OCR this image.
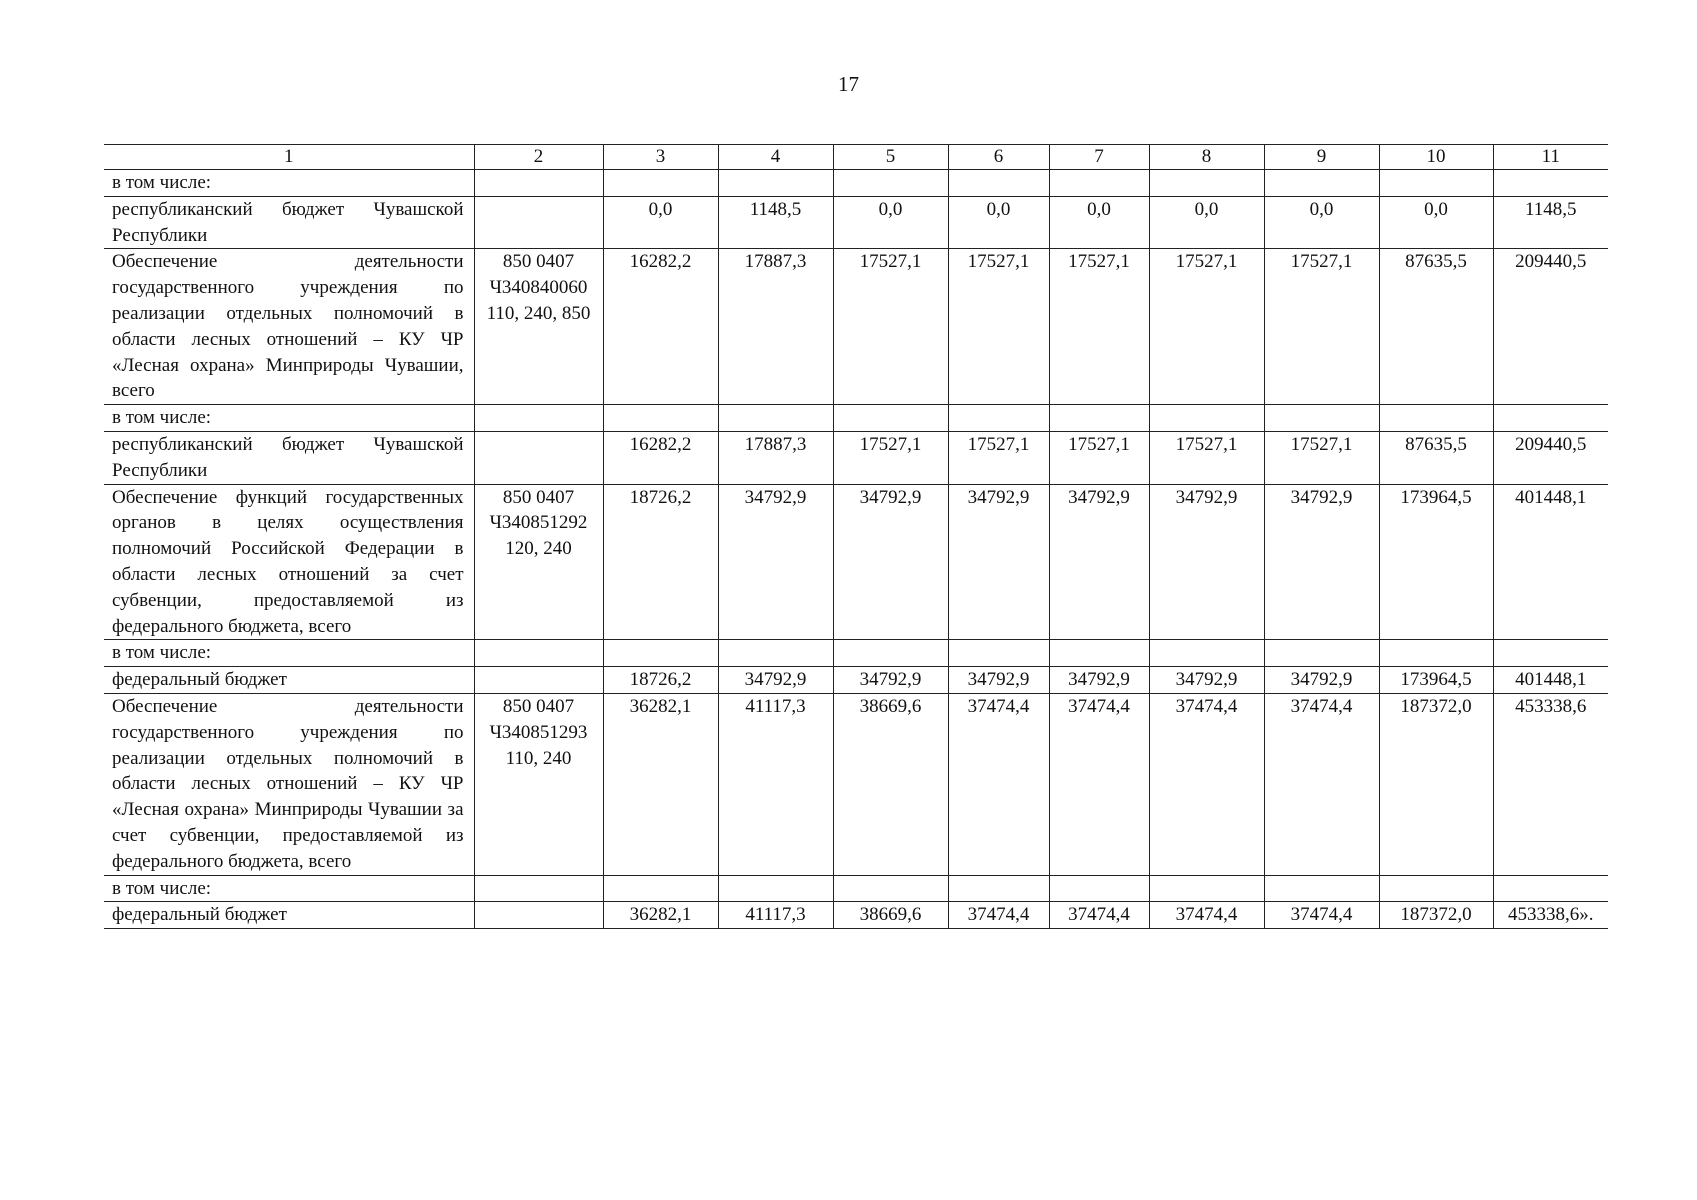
17
1	2	3	4	5	6	7	8	9	10	11
в том числе:										
республиканский бюджет Чувашской Республики		0,0	1148,5	0,0	0,0	0,0	0,0	0,0	0,0	1148,5
Обеспечение деятельности государственного учреждения по реализации отдельных полномочий в области лесных отношений – КУ ЧР «Лесная охрана» Минприроды Чувашии, всего	850 0407 Ч340840060 110, 240, 850	16282,2	17887,3	17527,1	17527,1	17527,1	17527,1	17527,1	87635,5	209440,5
в том числе:										
республиканский бюджет Чувашской Республики		16282,2	17887,3	17527,1	17527,1	17527,1	17527,1	17527,1	87635,5	209440,5
Обеспечение функций государственных органов в целях осуществления полномочий Российской Федерации в области лесных отношений за счет субвенции, предоставляемой из федерального бюджета, всего	850 0407 Ч340851292 120, 240	18726,2	34792,9	34792,9	34792,9	34792,9	34792,9	34792,9	173964,5	401448,1
в том числе:										
федеральный бюджет		18726,2	34792,9	34792,9	34792,9	34792,9	34792,9	34792,9	173964,5	401448,1
Обеспечение деятельности государственного учреждения по реализации отдельных полномочий в области лесных отношений – КУ ЧР «Лесная охрана» Минприроды Чувашии за счет субвенции, предоставляемой из федерального бюджета, всего	850 0407 Ч340851293 110, 240	36282,1	41117,3	38669,6	37474,4	37474,4	37474,4	37474,4	187372,0	453338,6
в том числе:										
федеральный бюджет		36282,1	41117,3	38669,6	37474,4	37474,4	37474,4	37474,4	187372,0	453338,6».
